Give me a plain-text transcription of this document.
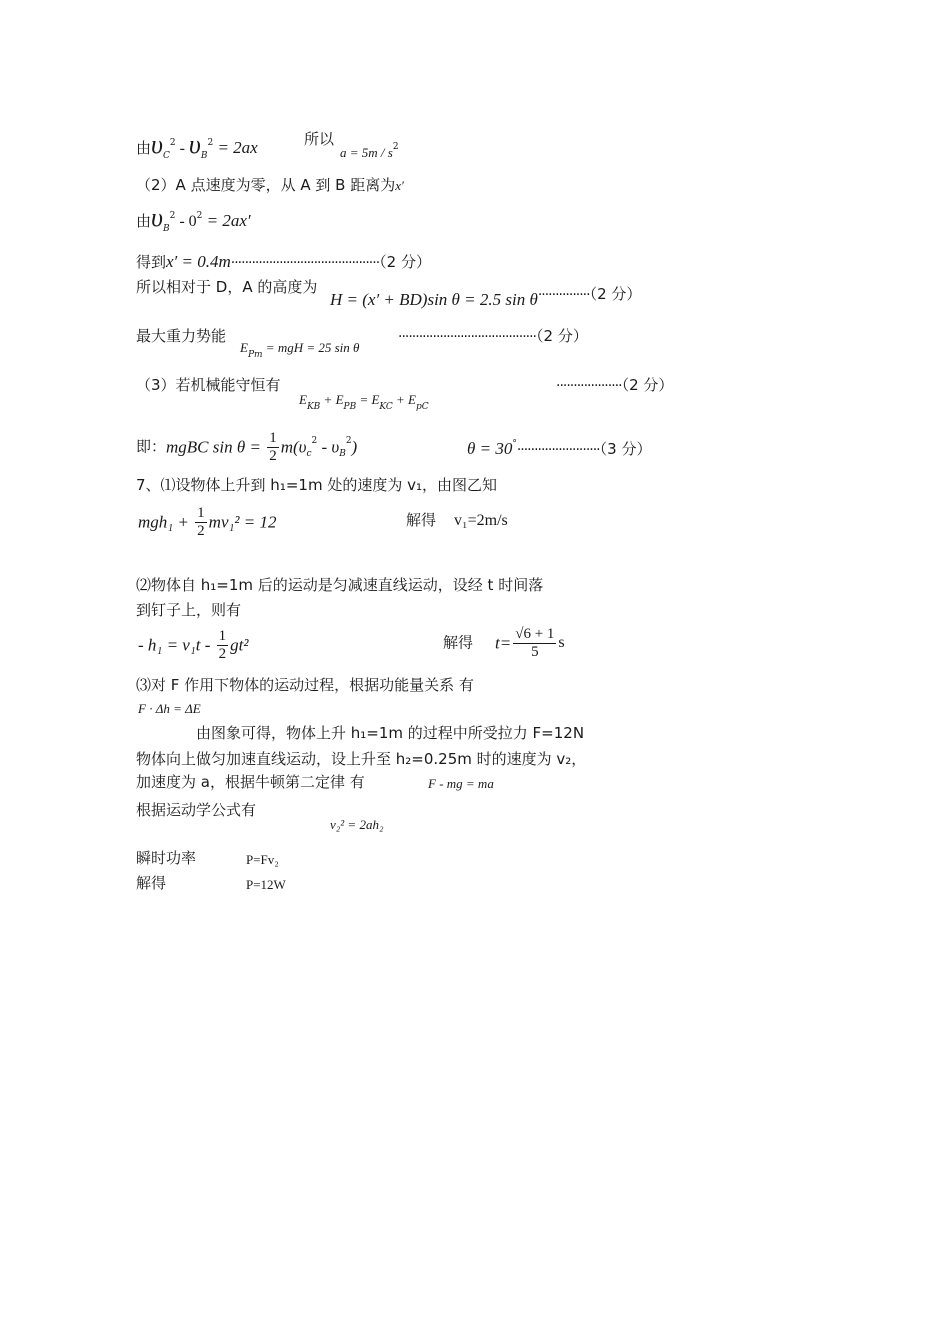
由$\upsilon_C^2 - \upsilon_B^2 = 2ax$	所以
$a = 5m / s^2$
（2）A 点速度为零，从 A 到 B 距离为x′
由$\upsilon_B^2 - 0^2 = 2ax'$
得到x′ = 0.4m···········································（2 分）
所以相对于 D，A 的高度为
H = (x′ + BD)sin θ = 2.5 sin θ···············（2 分）
最大重力势能
$E_{Pm}$ = mgH = 25 sin θ
········································（2 分）
（3）若机械能守恒有
$E_{KB} + E_{PB} = E_{KC} + E_{pC}$
···················（2 分）
即：mgBC $\sin \theta = \frac{1}{2} m(\upsilon_c^2 - \upsilon_B^2)$	θ = 30°························（3 分）
7、⑴设物体上升到 h₁=1m 处的速度为 v₁，由图乙知
$mgh_1 + \frac{1}{2} mv_1^2 = 12$	解得 v₁=2m/s
⑵物体自 h₁=1m 后的运动是匀减速直线运动，设经 t 时间落
到钉子上，则有
- $h_1 = v_1t - \frac{1}{2} gt^2$	解得 $t= \frac{√6 + 1}{5}$ s
⑶对 F 作用下物体的运动过程，根据功能量关系 有
F · Δh = ΔE
由图象可得，物体上升 h₁=1m 的过程中所受拉力 F=12N
物体向上做匀加速直线运动，设上升至 h₂=0.25m 时的速度为 v₂，
加速度为 a，根据牛顿第二定律 有	F - mg = ma
根据运动学公式有
v₂² = 2ah₂
瞬时功率	P=Fv₂
解得	P=12W
